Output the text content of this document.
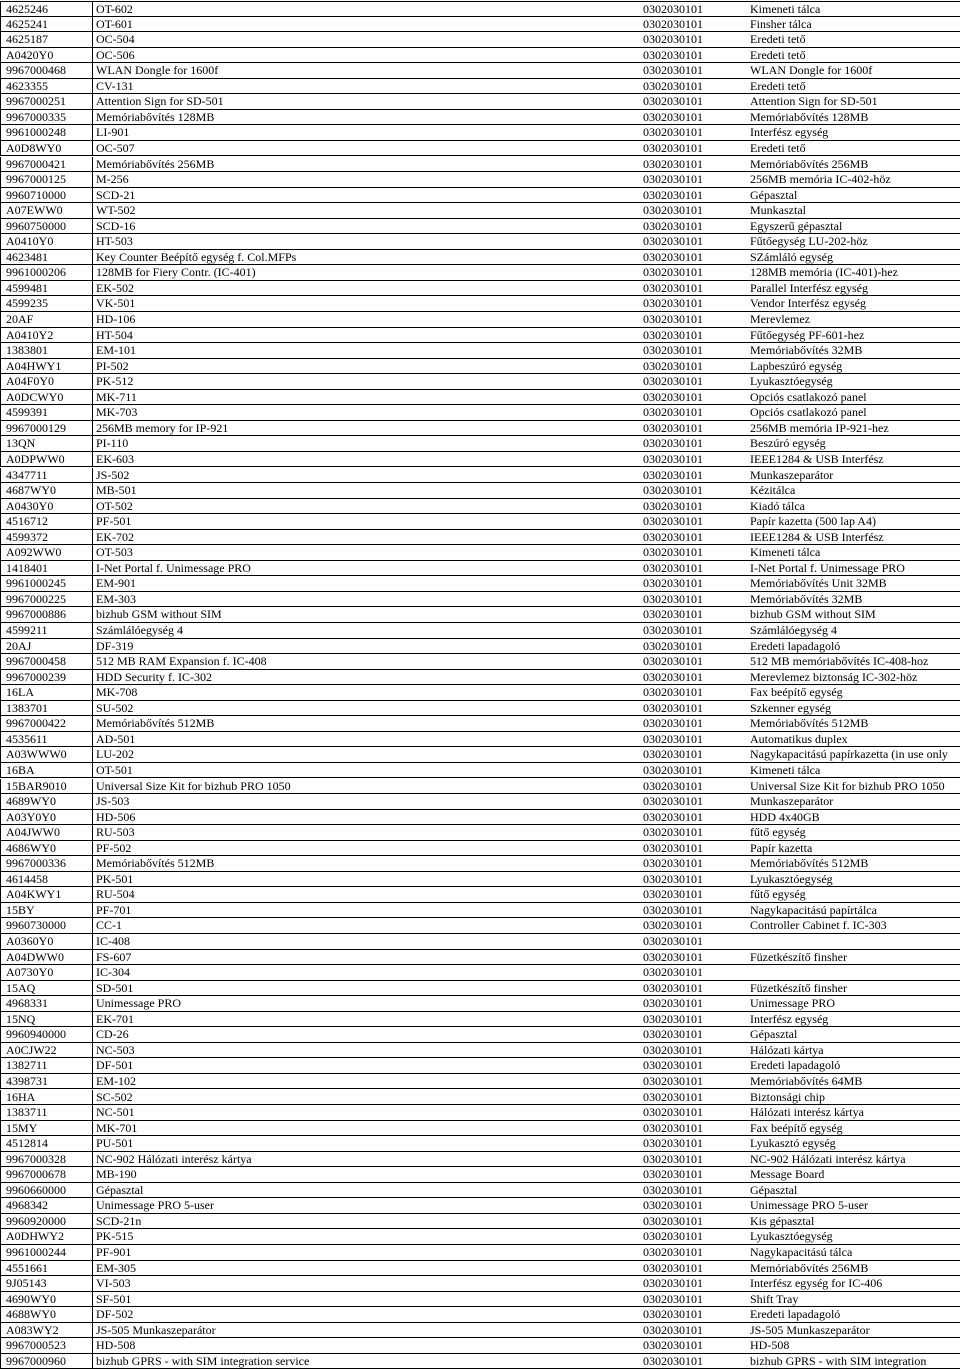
4625246	OT-602	0302030101	Kimeneti tálca
4625241	OT-601	0302030101	Finsher tálca
4625187	OC-504	0302030101	Eredeti tető
A0420Y0	OC-506	0302030101	Eredeti tető
9967000468	WLAN Dongle for 1600f	0302030101	WLAN Dongle for 1600f
4623355	CV-131	0302030101	Eredeti tető
9967000251	Attention Sign for SD-501	0302030101	Attention Sign for SD-501
9967000335	Memóriabővítés 128MB	0302030101	Memóriabővítés 128MB
9961000248	LI-901	0302030101	Interfész egység
A0D8WY0	OC-507	0302030101	Eredeti tető
9967000421	Memóriabővítés 256MB	0302030101	Memóriabővítés 256MB
9967000125	M-256	0302030101	256MB memória IC-402-höz
9960710000	SCD-21	0302030101	Gépasztal
A07EWW0	WT-502	0302030101	Munkasztal
9960750000	SCD-16	0302030101	Egyszerű gépasztal
A0410Y0	HT-503	0302030101	Fűtőegység LU-202-höz
4623481	Key Counter Beépítő egység f. Col.MFPs	0302030101	SZámláló egység
9961000206	128MB for Fiery Contr. (IC-401)	0302030101	128MB memória (IC-401)-hez
4599481	EK-502	0302030101	Parallel Interfész egység
4599235	VK-501	0302030101	Vendor Interfész egység
20AF	HD-106	0302030101	Merevlemez
A0410Y2	HT-504	0302030101	Fűtőegység PF-601-hez
1383801	EM-101	0302030101	Memóriabővítés 32MB
A04HWY1	PI-502	0302030101	Lapbeszúró egység
A04F0Y0	PK-512	0302030101	Lyukasztóegység
A0DCWY0	MK-711	0302030101	Opciós csatlakozó panel
4599391	MK-703	0302030101	Opciós csatlakozó panel
9967000129	256MB memory for IP-921	0302030101	256MB memória IP-921-hez
13QN	PI-110	0302030101	Beszúró egység
A0DPWW0	EK-603	0302030101	IEEE1284 & USB Interfész
4347711	JS-502	0302030101	Munkaszeparátor
4687WY0	MB-501	0302030101	Kézitálca
A0430Y0	OT-502	0302030101	Kiadó tálca
4516712	PF-501	0302030101	Papír kazetta (500 lap A4)
4599372	EK-702	0302030101	IEEE1284 & USB Interfész
A092WW0	OT-503	0302030101	Kimeneti tálca
1418401	I-Net Portal f. Unimessage PRO	0302030101	I-Net Portal f. Unimessage PRO
9961000245	EM-901	0302030101	Memóriabővítés Unit 32MB
9967000225	EM-303	0302030101	Memóriabővítés 32MB
9967000886	bizhub GSM without SIM	0302030101	bizhub GSM without SIM
4599211	Számlálóegység 4	0302030101	Számlálóegység 4
20AJ	DF-319	0302030101	Eredeti lapadagoló
9967000458	512 MB RAM Expansion f. IC-408	0302030101	512 MB memóriabővítés IC-408-hoz
9967000239	HDD Security f. IC-302	0302030101	Merevlemez biztonság IC-302-höz
16LA	MK-708	0302030101	Fax beépítő egység
1383701	SU-502	0302030101	Szkenner egység
9967000422	Memóriabővítés 512MB	0302030101	Memóriabővítés 512MB
4535611	AD-501	0302030101	Automatikus duplex
A03WWW0	LU-202	0302030101	Nagykapacitású papírkazetta (in use only
16BA	OT-501	0302030101	Kimeneti tálca
15BAR9010	Universal Size Kit for bizhub PRO 1050	0302030101	Universal Size Kit for bizhub PRO 1050
4689WY0	JS-503	0302030101	Munkaszeparátor
A03Y0Y0	HD-506	0302030101	HDD 4x40GB
A04JWW0	RU-503	0302030101	fűtő egység
4686WY0	PF-502	0302030101	Papír kazetta
9967000336	Memóriabővítés 512MB	0302030101	Memóriabővítés 512MB
4614458	PK-501	0302030101	Lyukasztóegység
A04KWY1	RU-504	0302030101	fűtő egység
15BY	PF-701	0302030101	Nagykapacitású papírtálca
9960730000	CC-1	0302030101	Controller Cabinet f. IC-303
A0360Y0	IC-408	0302030101
A04DWW0	FS-607	0302030101	Füzetkészítő finsher
A0730Y0	IC-304	0302030101
15AQ	SD-501	0302030101	Füzetkészítő finsher
4968331	Unimessage PRO	0302030101	Unimessage PRO
15NQ	EK-701	0302030101	Interfész egység
9960940000	CD-26	0302030101	Gépasztal
A0CJW22	NC-503	0302030101	Hálózati kártya
1382711	DF-501	0302030101	Eredeti lapadagoló
4398731	EM-102	0302030101	Memóriabővítés 64MB
16HA	SC-502	0302030101	Biztonsági chip
1383711	NC-501	0302030101	Hálózati interész kártya
15MY	MK-701	0302030101	Fax beépítő egység
4512814	PU-501	0302030101	Lyukasztó egység
9967000328	NC-902 Hálózati interész kártya	0302030101	NC-902 Hálózati interész kártya
9967000678	MB-190	0302030101	Message Board
9960660000	Gépasztal	0302030101	Gépasztal
4968342	Unimessage PRO 5-user	0302030101	Unimessage PRO 5-user
9960920000	SCD-21n	0302030101	Kis gépasztal
A0DHWY2	PK-515	0302030101	Lyukasztóegység
9961000244	PF-901	0302030101	Nagykapacitású tálca
4551661	EM-305	0302030101	Memóriabővítés 256MB
9J05143	VI-503	0302030101	Interfész egység for IC-406
4690WY0	SF-501	0302030101	Shift Tray
4688WY0	DF-502	0302030101	Eredeti lapadagoló
A083WY2	JS-505 Munkaszeparátor	0302030101	JS-505 Munkaszeparátor
9967000523	HD-508	0302030101	HD-508
9967000960	bizhub GPRS - with SIM integration service	0302030101	bizhub GPRS - with SIM integration
